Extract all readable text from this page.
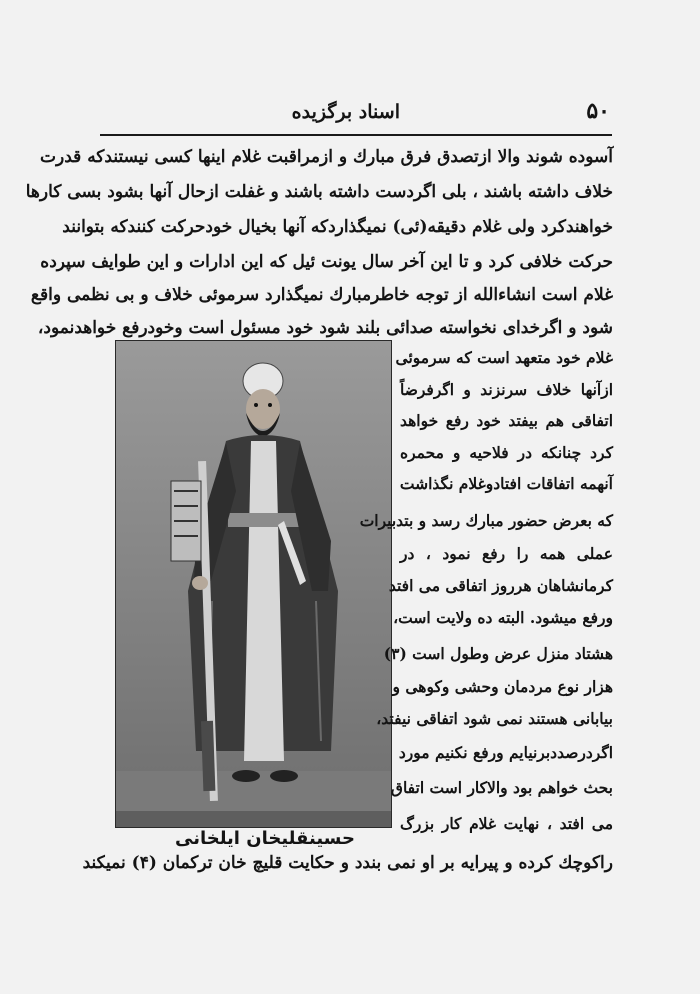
۵۰
اسناد برگزیده
آسوده شوند والا ازتصدق فرق مبارك و ازمراقبت غلام اینها کسی نیستندکه قدرت
خلاف داشته باشند ، بلی اگردست داشته باشند و غفلت ازحال آنها بشود بسی کارها
خواهندکرد ولی غلام دقیقه(ئی) نمیگذاردکه آنها بخیال خودحرکت کنندکه بتوانند
حرکت خلافی کرد و تا این آخر سال یونت ئیل که این ادارات و این طوایف سپرده
غلام است انشاءالله از توجه خاطرمبارك نمیگذارد سرموئی خلاف و بی نظمی واقع
شود و اگرخدای نخواسته صدائی بلند شود خود مسئول است وخودرفع خواهدنمود،
غلام خود متعهد است که سرموئی
ازآنها خلاف سرنزند و اگرفرضاً
اتفاقی هم بیفتد خود رفع خواهد
کرد چنانکه در فلاحیه و محمره
آنهمه اتفاقات افتادوغلام نگذاشت
که بعرض حضور مبارك رسد و بتدبیرات
عملی همه را رفع نمود ، در
کرمانشاهان هرروز اتفاقی می افتد
ورفع میشود. البته ده ولایت است،
هشتاد منزل عرض وطول است (۳)
هزار نوع مردمان وحشی وکوهی و
بیابانی هستند نمی شود اتفاقی نیفتد،
اگردرصددبرنیایم ورفع نکنیم مورد
بحث خواهم بود والاکار است اتفاق
می افتد ، نهایت غلام کار بزرگ
حسینقلیخان ایلخانی
راکوچك کرده و پیرایه بر او نمی بندد و حکایت قلیچ خان ترکمان (۴) نمیکند
